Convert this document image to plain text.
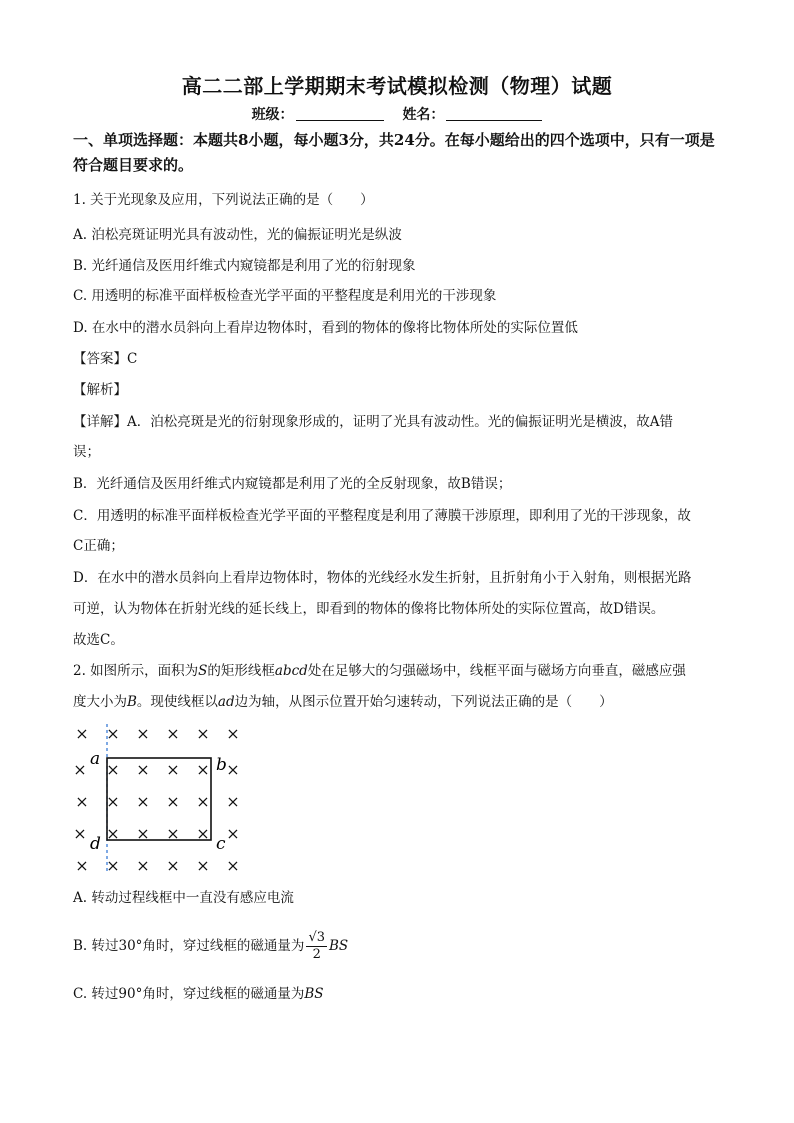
高二二部上学期期末考试模拟检测（物理）试题
班级：	姓名：
一、单项选择题：本题共8小题，每小题3分，共24分。在每小题给出的四个选项中，只有一项是符合题目要求的。
1. 关于光现象及应用，下列说法正确的是（　　）
A. 泊松亮斑证明光具有波动性，光的偏振证明光是纵波
B. 光纤通信及医用纤维式内窥镜都是利用了光的衍射现象
C. 用透明的标准平面样板检查光学平面的平整程度是利用光的干涉现象
D. 在水中的潜水员斜向上看岸边物体时，看到的物体的像将比物体所处的实际位置低
【答案】C
【解析】
【详解】A．泊松亮斑是光的衍射现象形成的，证明了光具有波动性。光的偏振证明光是横波，故A错
误；
B．光纤通信及医用纤维式内窥镜都是利用了光的全反射现象，故B错误；
C．用透明的标准平面样板检查光学平面的平整程度是利用了薄膜干涉原理，即利用了光的干涉现象，故
C正确；
D．在水中的潜水员斜向上看岸边物体时，物体的光线经水发生折射，且折射角小于入射角，则根据光路
可逆，认为物体在折射光线的延长线上，即看到的物体的像将比物体所处的实际位置高，故D错误。
故选C。
2. 如图所示，面积为S的矩形线框abcd处在足够大的匀强磁场中，线框平面与磁场方向垂直，磁感应强
度大小为B。现使线框以ad边为轴，从图示位置开始匀速转动，下列说法正确的是（　　）
× × × × × ×
× × × × × ×
× × × × × ×
× × × × × ×
× × × × × ×
a	b
c
d
A. 转动过程线框中一直没有感应电流
B. 转过30°角时，穿过线框的磁通量为 $\frac{√3}{2}$ BS
C. 转过90°角时，穿过线框的磁通量为BS
